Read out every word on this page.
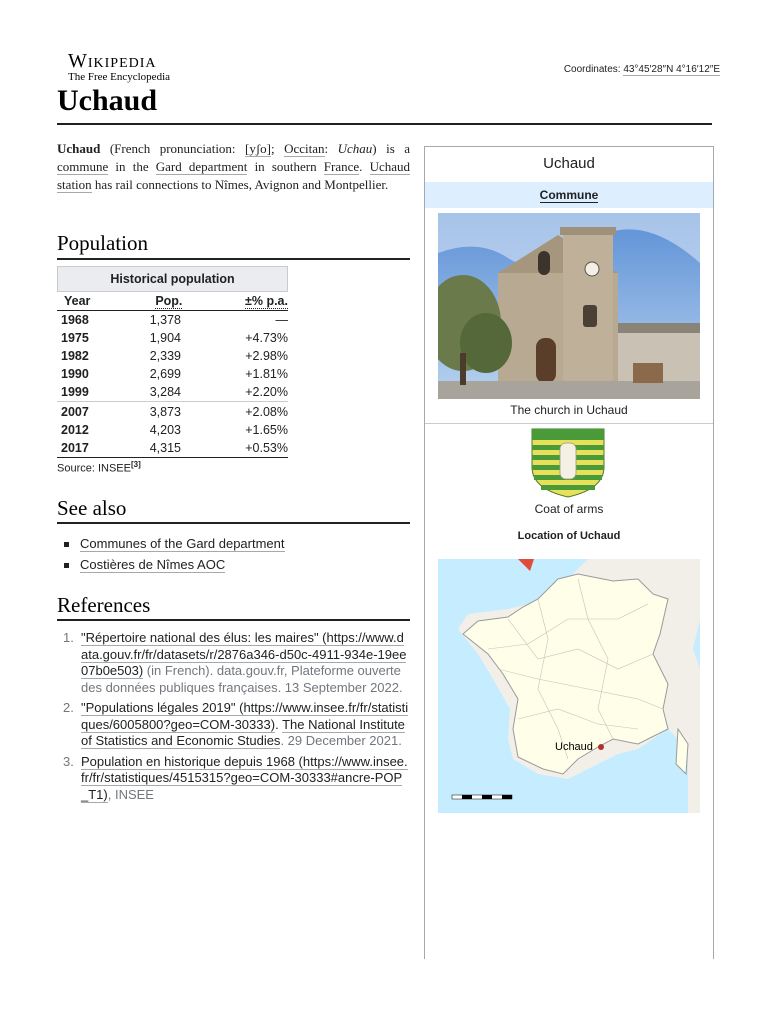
Wikipedia
The Free Encyclopedia
Coordinates: 43°45′28″N 4°16′12″E
Uchaud

Uchaud (French pronunciation: [yʃo]; Occitan: Uchau) is a commune in the Gard department in southern France. Uchaud station has rail connections to Nîmes, Avignon and Montpellier.

Population
Historical population
Year	Pop.	±% p.a.
1968	1,378	—
1975	1,904	+4.73%
1982	2,339	+2.98%
1990	2,699	+1.81%
1999	3,284	+2.20%
2007	3,873	+2.08%
2012	4,203	+1.65%
2017	4,315	+0.53%
Source: INSEE[3]
See also
Communes of the Gard department
Costières de Nîmes AOC
References
1. "Répertoire national des élus: les maires" (https://www.data.gouv.fr/fr/datasets/r/2876a346-d50c-4911-934e-19ee07b0e503) (in French). data.gouv.fr, Plateforme ouverte des données publiques françaises. 13 September 2022.
2. "Populations légales 2019" (https://www.insee.fr/fr/statistiques/6005800?geo=COM-30333). The National Institute of Statistics and Economic Studies. 29 December 2021.
3. Population en historique depuis 1968 (https://www.insee.fr/fr/statistiques/4515315?geo=COM-30333#ancre-POP_T1), INSEE
Uchaud
Commune
The church in Uchaud
Coat of arms
Location of Uchaud
Uchaud
